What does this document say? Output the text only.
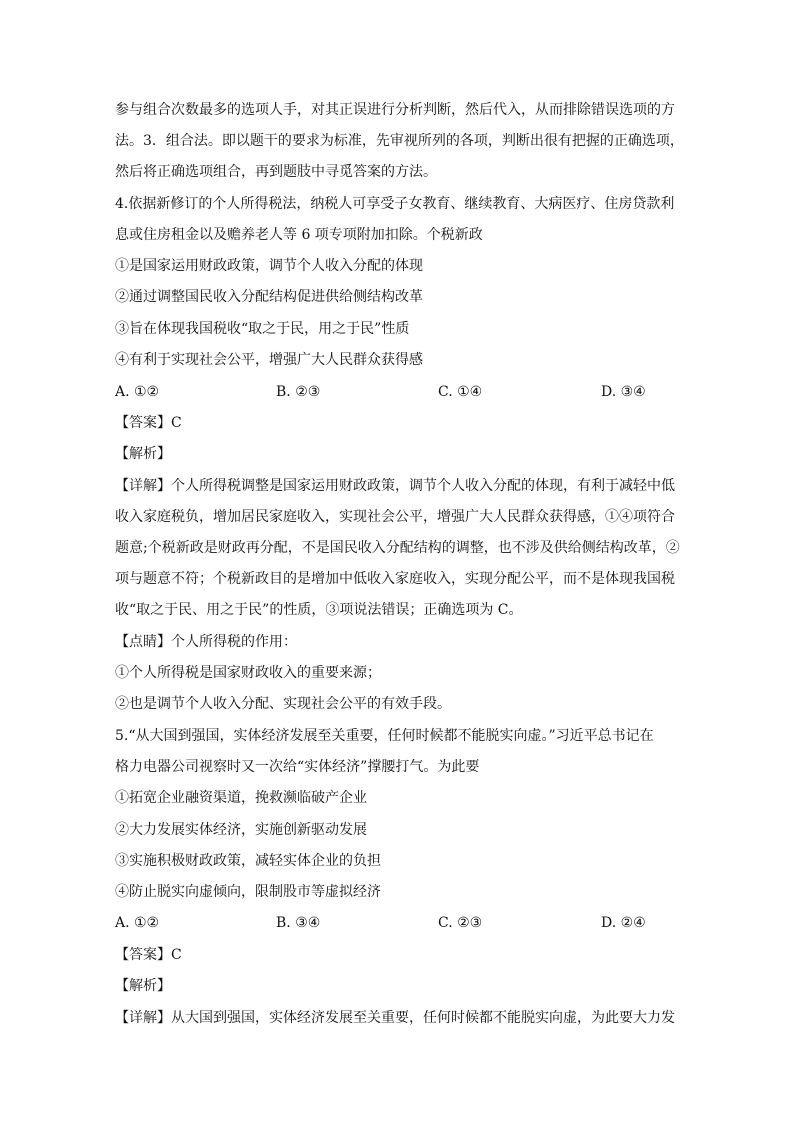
参与组合次数最多的选项人手，对其正误进行分析判断，然后代入，从而排除错误选项的方
法。3．组合法。即以题干的要求为标准，先审视所列的各项，判断出很有把握的正确选项，
然后将正确选项组合，再到题肢中寻觅答案的方法。
4.依据新修订的个人所得税法，纳税人可享受子女教育、继续教育、大病医疗、住房贷款利
息或住房租金以及赡养老人等 6 项专项附加扣除。个税新政
①是国家运用财政政策，调节个人收入分配的体现
②通过调整国民收入分配结构促进供给侧结构改革
③旨在体现我国税收“取之于民，用之于民”性质
④有利于实现社会公平，增强广大人民群众获得感
A. ①②	B. ②③	C. ①④	D. ③④
【答案】C
【解析】
【详解】个人所得税调整是国家运用财政政策，调节个人收入分配的体现，有利于减轻中低
收入家庭税负，增加居民家庭收入，实现社会公平，增强广大人民群众获得感，①④项符合
题意;个税新政是财政再分配，不是国民收入分配结构的调整，也不涉及供给侧结构改革，②
项与题意不符；个税新政目的是增加中低收入家庭收入，实现分配公平，而不是体现我国税
收“取之于民、用之于民”的性质，③项说法错误；正确选项为 C。
【点睛】个人所得税的作用：
①个人所得税是国家财政收入的重要来源；
②也是调节个人收入分配、实现社会公平的有效手段。
5.“从大国到强国，实体经济发展至关重要，任何时候都不能脱实向虚。”习近平总书记在
格力电器公司视察时又一次给“实体经济”撑腰打气。为此要
①拓宽企业融资渠道，挽救濒临破产企业
②大力发展实体经济，实施创新驱动发展
③实施积极财政政策，减轻实体企业的负担
④防止脱实向虚倾向，限制股市等虚拟经济
A. ①②	B. ③④	C. ②③	D. ②④
【答案】C
【解析】
【详解】从大国到强国，实体经济发展至关重要，任何时候都不能脱实向虚，为此要大力发
